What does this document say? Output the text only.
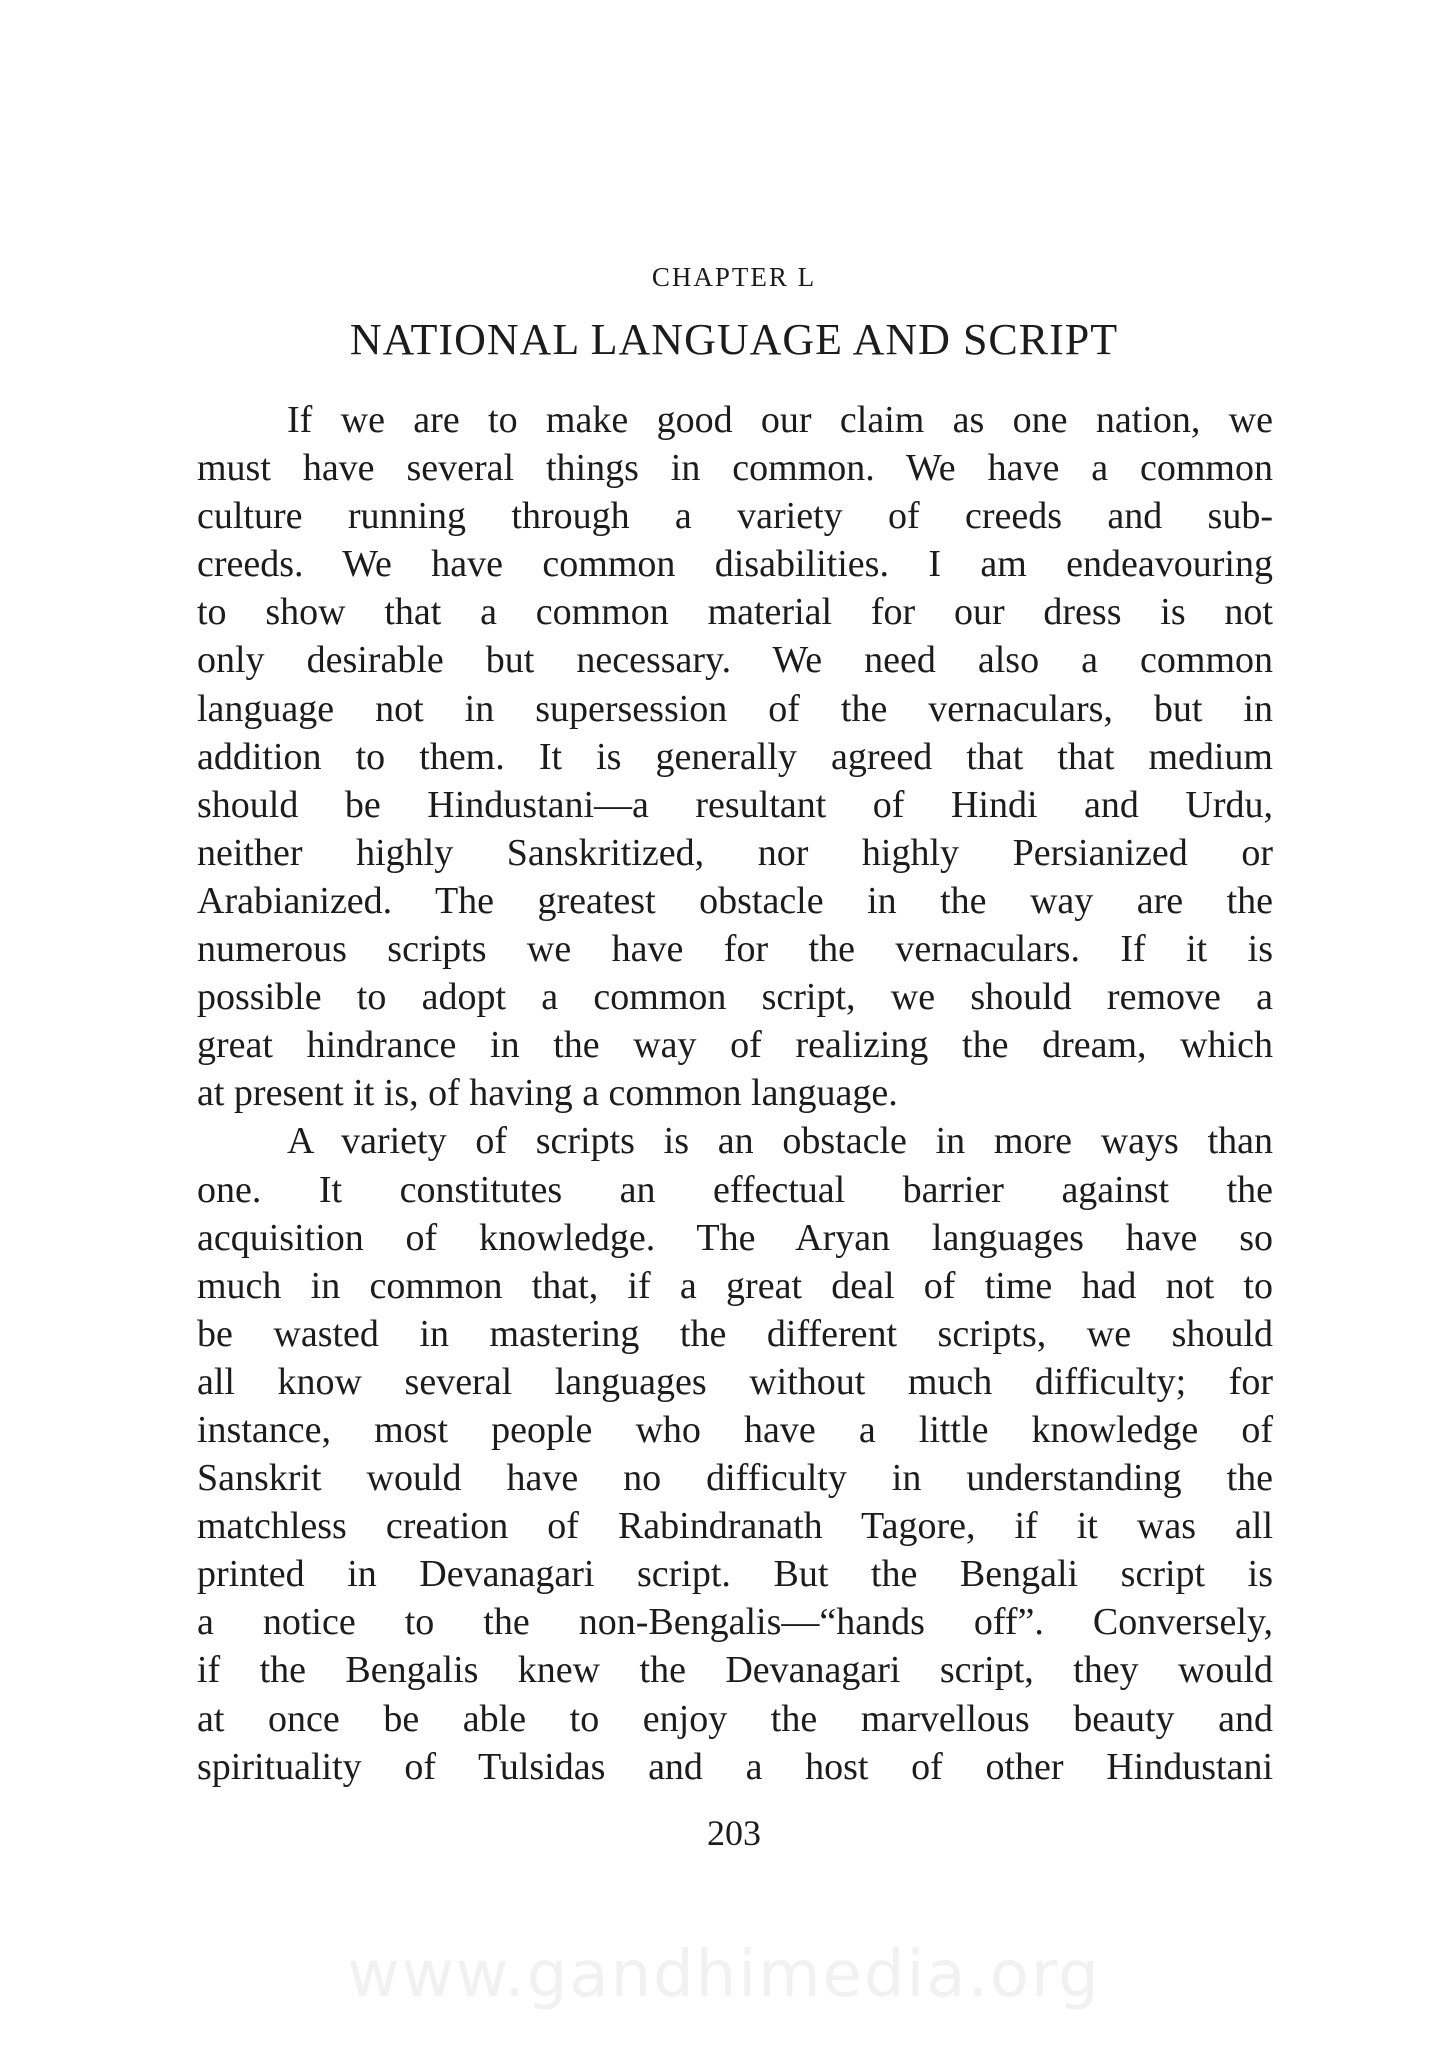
CHAPTER L
NATIONAL LANGUAGE AND SCRIPT
If we are to make good our claim as one nation, we
must have several things in common. We have a common
culture running through a variety of creeds and sub-
creeds. We have common disabilities. I am endeavouring
to show that a common material for our dress is not
only desirable but necessary. We need also a common
language not in supersession of the vernaculars, but in
addition to them. It is generally agreed that that medium
should be Hindustani—a resultant of Hindi and Urdu,
neither highly Sanskritized, nor highly Persianized or
Arabianized. The greatest obstacle in the way are the
numerous scripts we have for the vernaculars. If it is
possible to adopt a common script, we should remove a
great hindrance in the way of realizing the dream, which
at present it is, of having a common language.
A variety of scripts is an obstacle in more ways than
one. It constitutes an effectual barrier against the
acquisition of knowledge. The Aryan languages have so
much in common that, if a great deal of time had not to
be wasted in mastering the different scripts, we should
all know several languages without much difficulty; for
instance, most people who have a little knowledge of
Sanskrit would have no difficulty in understanding the
matchless creation of Rabindranath Tagore, if it was all
printed in Devanagari script. But the Bengali script is
a notice to the non-Bengalis—“hands off”. Conversely,
if the Bengalis knew the Devanagari script, they would
at once be able to enjoy the marvellous beauty and
spirituality of Tulsidas and a host of other Hindustani
203
www.gandhimedia.org
